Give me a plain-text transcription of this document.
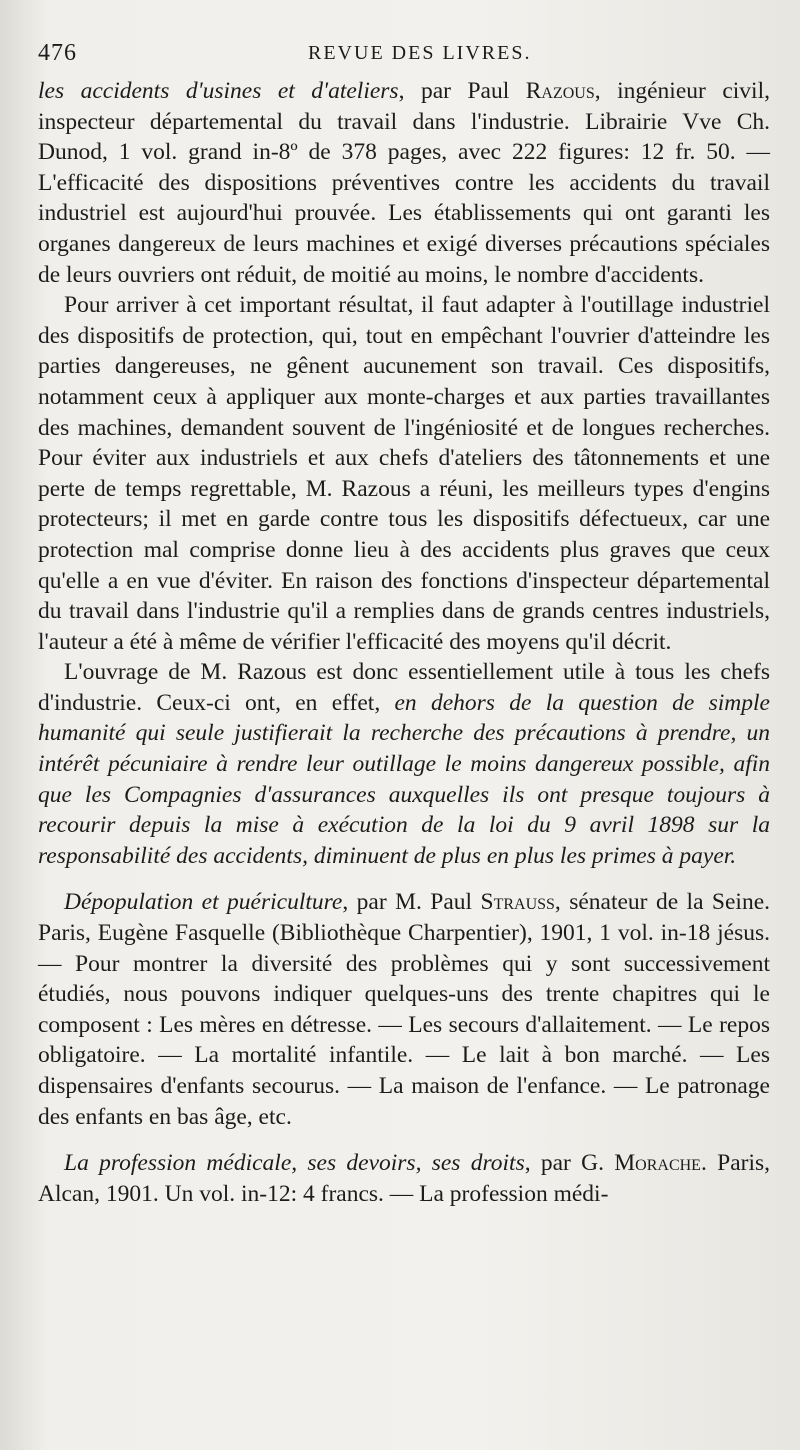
476	REVUE DES LIVRES.

les accidents d'usines et d'ateliers, par Paul Razous, ingénieur civil, inspecteur départemental du travail dans l'industrie. Librairie Vve Ch. Dunod, 1 vol. grand in-8º de 378 pages, avec 222 figures: 12 fr. 50. — L'efficacité des dispositions préventives contre les accidents du travail industriel est aujourd'hui prouvée. Les établissements qui ont garanti les organes dangereux de leurs machines et exigé diverses précautions spéciales de leurs ouvriers ont réduit, de moitié au moins, le nombre d'accidents.

Pour arriver à cet important résultat, il faut adapter à l'outillage industriel des dispositifs de protection, qui, tout en empêchant l'ouvrier d'atteindre les parties dangereuses, ne gênent aucunement son travail. Ces dispositifs, notamment ceux à appliquer aux monte-charges et aux parties travaillantes des machines, demandent souvent de l'ingéniosité et de longues recherches. Pour éviter aux industriels et aux chefs d'ateliers des tâtonnements et une perte de temps regrettable, M. Razous a réuni, les meilleurs types d'engins protecteurs; il met en garde contre tous les dispositifs défectueux, car une protection mal comprise donne lieu à des accidents plus graves que ceux qu'elle a en vue d'éviter. En raison des fonctions d'inspecteur départemental du travail dans l'industrie qu'il a remplies dans de grands centres industriels, l'auteur a été à même de vérifier l'efficacité des moyens qu'il décrit.

L'ouvrage de M. Razous est donc essentiellement utile à tous les chefs d'industrie. Ceux-ci ont, en effet, en dehors de la question de simple humanité qui seule justifierait la recherche des précautions à prendre, un intérêt pécuniaire à rendre leur outillage le moins dangereux possible, afin que les Compagnies d'assurances auxquelles ils ont presque toujours à recourir depuis la mise à exécution de la loi du 9 avril 1898 sur la responsabilité des accidents, diminuent de plus en plus les primes à payer.

Dépopulation et puériculture, par M. Paul Strauss, sénateur de la Seine. Paris, Eugène Fasquelle (Bibliothèque Charpentier), 1901, 1 vol. in-18 jésus. — Pour montrer la diversité des problèmes qui y sont successivement étudiés, nous pouvons indiquer quelques-uns des trente chapitres qui le composent : Les mères en détresse. — Les secours d'allaitement. — Le repos obligatoire. — La mortalité infantile. — Le lait à bon marché. — Les dispensaires d'enfants secourus. — La maison de l'enfance. — Le patronage des enfants en bas âge, etc.

La profession médicale, ses devoirs, ses droits, par G. Morache. Paris, Alcan, 1901. Un vol. in-12: 4 francs. — La profession médi-
